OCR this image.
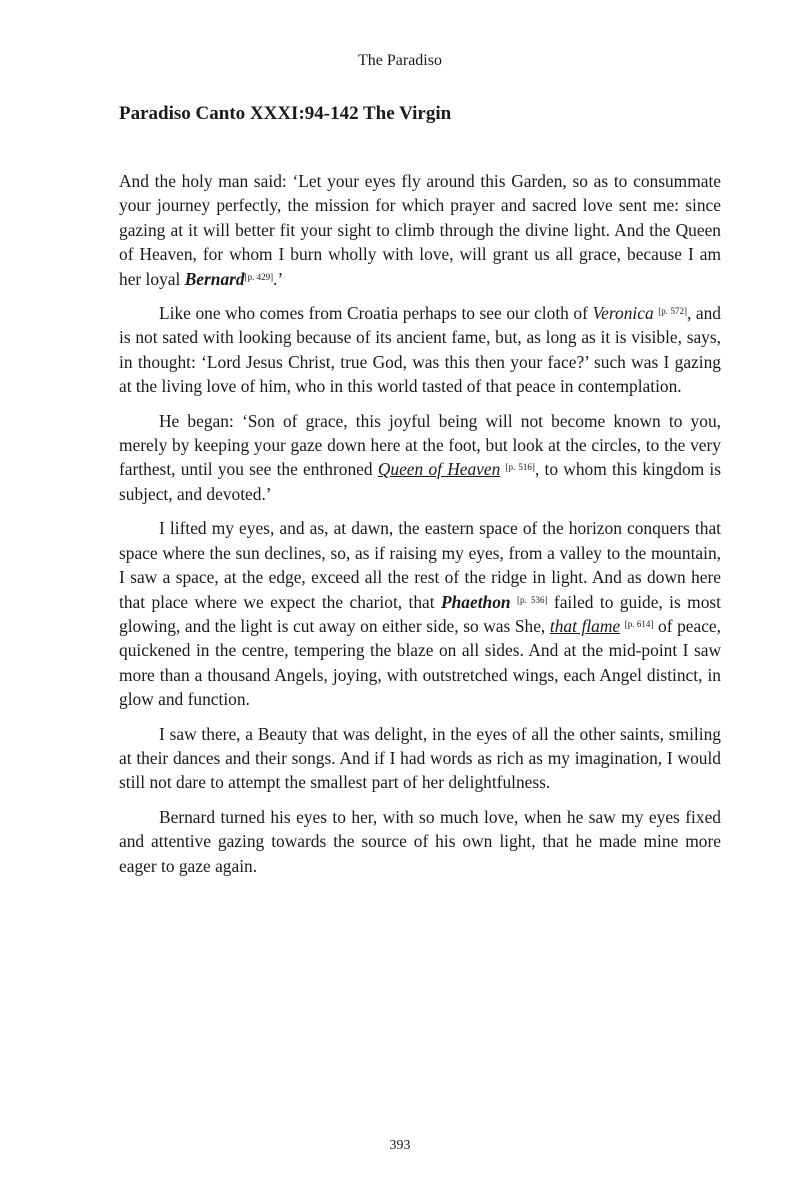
The Paradiso
Paradiso Canto XXXI:94-142 The Virgin

And the holy man said: ‘Let your eyes fly around this Garden, so as to consummate your journey perfectly, the mission for which prayer and sacred love sent me: since gazing at it will better fit your sight to climb through the divine light. And the Queen of Heaven, for whom I burn wholly with love, will grant us all grace, because I am her loyal Bernard[p. 429].’

Like one who comes from Croatia perhaps to see our cloth of Veronica [p. 572], and is not sated with looking because of its ancient fame, but, as long as it is visible, says, in thought: ‘Lord Jesus Christ, true God, was this then your face?’ such was I gazing at the living love of him, who in this world tasted of that peace in contemplation.

He began: ‘Son of grace, this joyful being will not become known to you, merely by keeping your gaze down here at the foot, but look at the circles, to the very farthest, until you see the enthroned Queen of Heaven [p. 516], to whom this kingdom is subject, and devoted.’

I lifted my eyes, and as, at dawn, the eastern space of the horizon conquers that space where the sun declines, so, as if raising my eyes, from a valley to the mountain, I saw a space, at the edge, exceed all the rest of the ridge in light. And as down here that place where we expect the chariot, that Phaethon [p. 536] failed to guide, is most glowing, and the light is cut away on either side, so was She, that flame [p. 614] of peace, quickened in the centre, tempering the blaze on all sides. And at the mid-point I saw more than a thousand Angels, joying, with outstretched wings, each Angel distinct, in glow and function.

I saw there, a Beauty that was delight, in the eyes of all the other saints, smiling at their dances and their songs. And if I had words as rich as my imagination, I would still not dare to attempt the smallest part of her delightfulness.

Bernard turned his eyes to her, with so much love, when he saw my eyes fixed and attentive gazing towards the source of his own light, that he made mine more eager to gaze again.

393
